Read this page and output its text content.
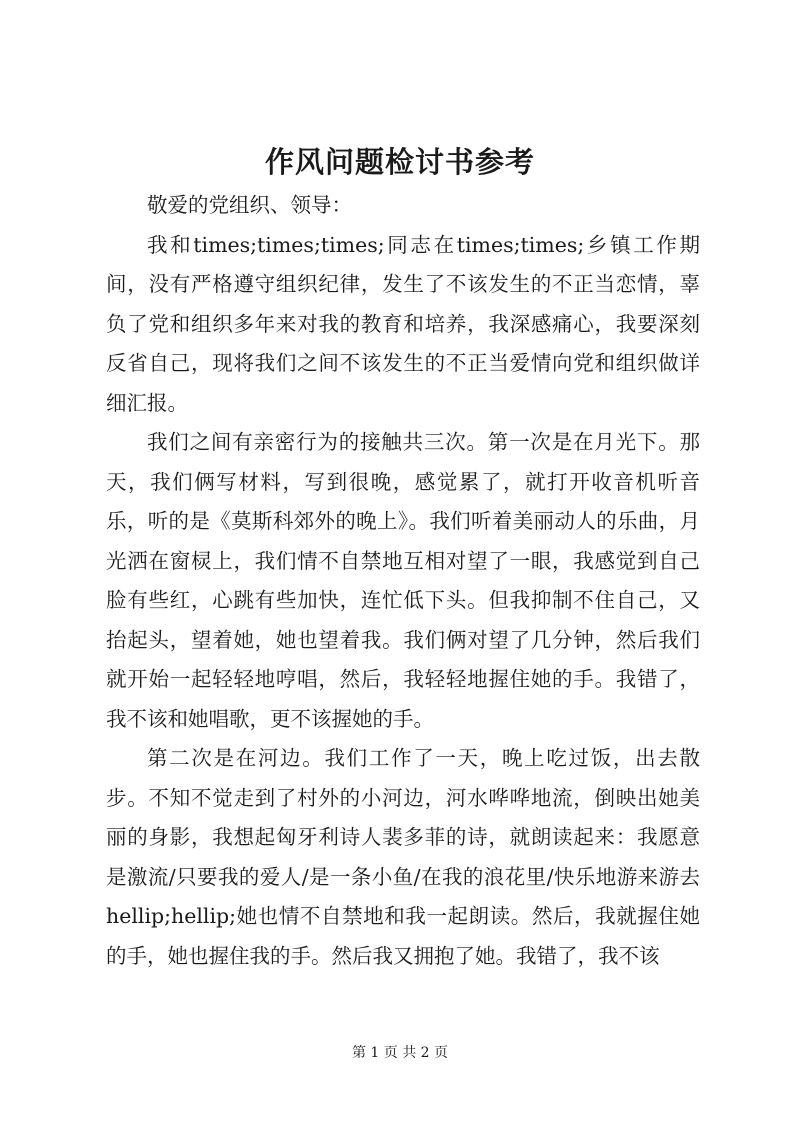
作风问题检讨书参考

敬爱的党组织、领导：

我和times;times;times;同志在times;times;乡镇工作期间，没有严格遵守组织纪律，发生了不该发生的不正当恋情，辜负了党和组织多年来对我的教育和培养，我深感痛心，我要深刻反省自己，现将我们之间不该发生的不正当爱情向党和组织做详细汇报。

我们之间有亲密行为的接触共三次。第一次是在月光下。那天，我们俩写材料，写到很晚，感觉累了，就打开收音机听音乐，听的是《莫斯科郊外的晚上》。我们听着美丽动人的乐曲，月光洒在窗棂上，我们情不自禁地互相对望了一眼，我感觉到自己脸有些红，心跳有些加快，连忙低下头。但我抑制不住自己，又抬起头，望着她，她也望着我。我们俩对望了几分钟，然后我们就开始一起轻轻地哼唱，然后，我轻轻地握住她的手。我错了，我不该和她唱歌，更不该握她的手。

第二次是在河边。我们工作了一天，晚上吃过饭，出去散步。不知不觉走到了村外的小河边，河水哗哗地流，倒映出她美丽的身影，我想起匈牙利诗人裴多菲的诗，就朗读起来：我愿意是激流/只要我的爱人/是一条小鱼/在我的浪花里/快乐地游来游去hellip;hellip;她也情不自禁地和我一起朗读。然后，我就握住她的手，她也握住我的手。然后我又拥抱了她。我错了，我不该

第 1 页 共 2 页
